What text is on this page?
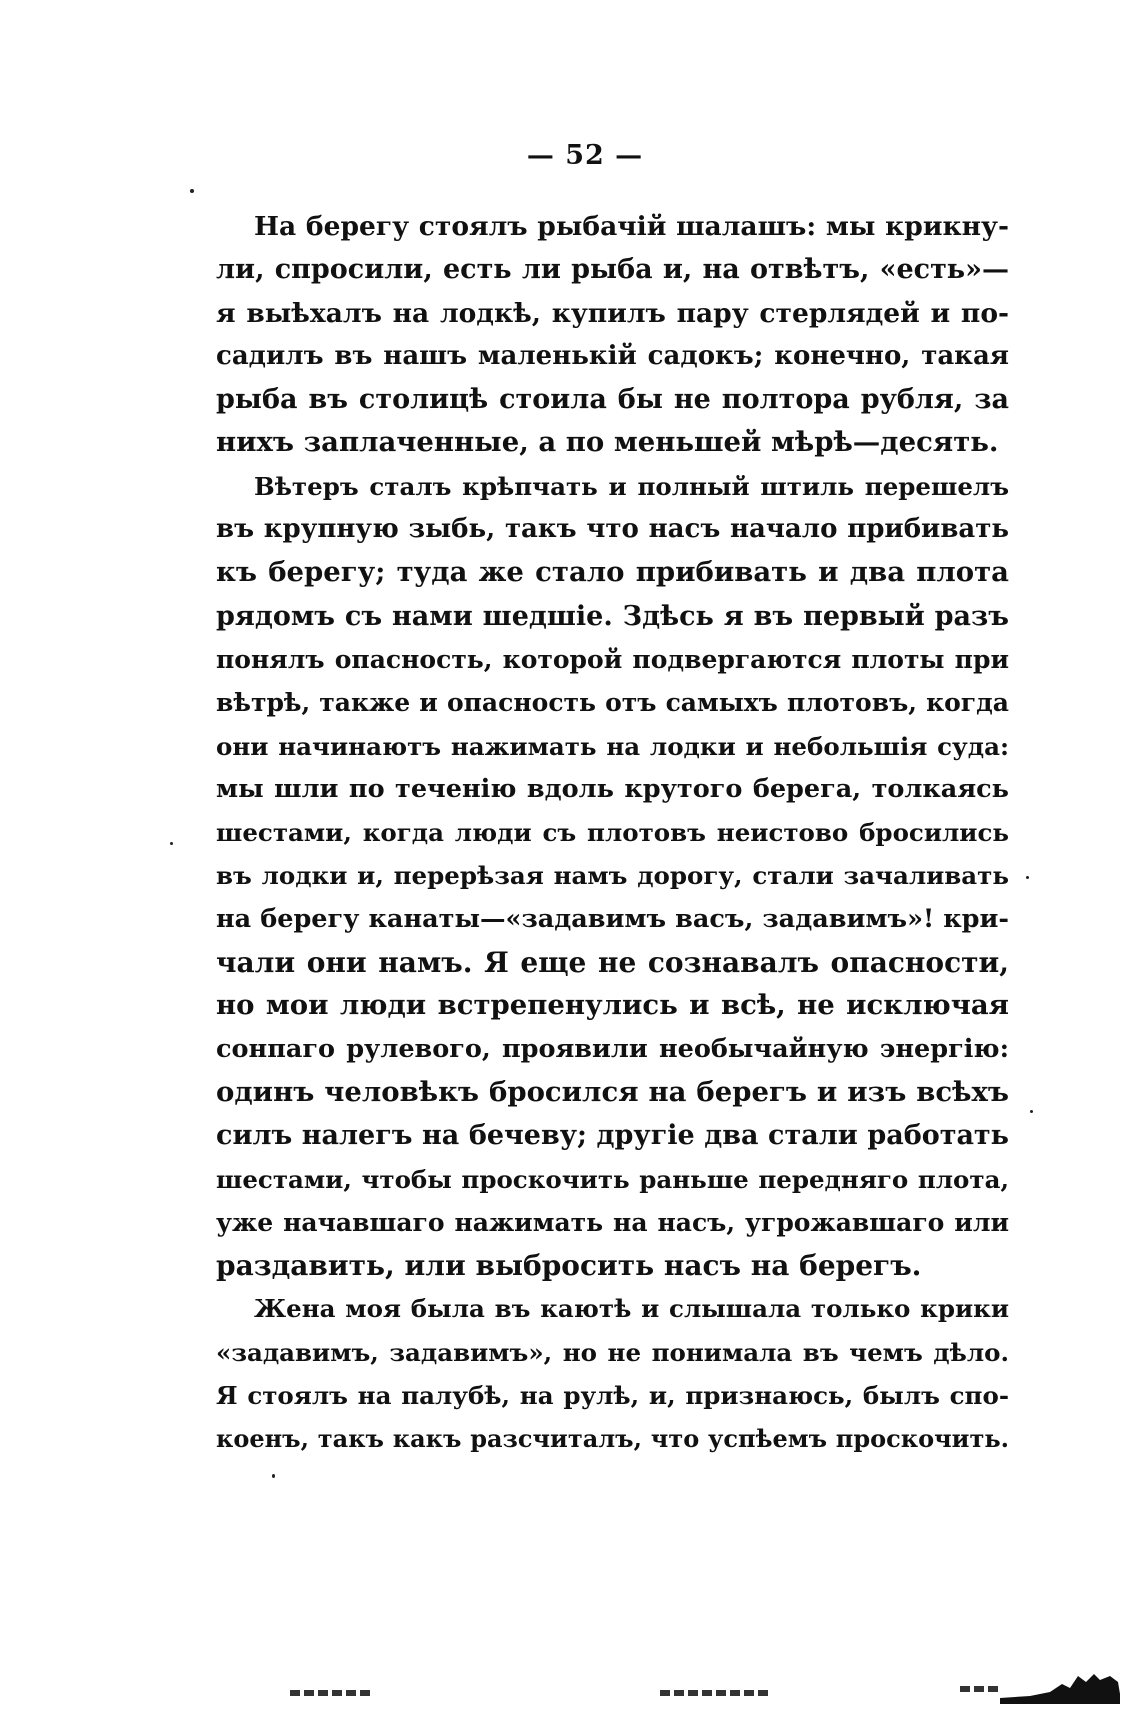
— 52 —
На берегу стоялъ рыбачій шалашъ: мы крикну-
ли, спросили, есть ли рыба и, на отвѣтъ, «есть»—
я выѣхалъ на лодкѣ, купилъ пару стерлядей и по-
садилъ въ нашъ маленькій садокъ; конечно, такая
рыба въ столицѣ стоила бы не полтора рубля, за
нихъ заплаченные, а по меньшей мѣрѣ—десять.
Вѣтеръ сталъ крѣпчать и полный штиль перешелъ
въ крупную зыбь, такъ что насъ начало прибивать
къ берегу; туда же стало прибивать и два плота
рядомъ съ нами шедшіе. Здѣсь я въ первый разъ
понялъ опасность, которой подвергаются плоты при
вѣтрѣ, также и опасность отъ самыхъ плотовъ, когда
они начинаютъ нажимать на лодки и небольшія суда:
мы шли по теченію вдоль крутого берега, толкаясь
шестами, когда люди съ плотовъ неистово бросились
въ лодки и, перерѣзая намъ дорогу, стали зачаливать
на берегу канаты—«задавимъ васъ, задавимъ»! кри-
чали они намъ. Я еще не сознавалъ опасности,
но мои люди встрепенулись и всѣ, не исключая
сонпаго рулевого, проявили необычайную энергію:
одинъ человѣкъ бросился на берегъ и изъ всѣхъ
силъ налегъ на бечеву; другіе два стали работать
шестами, чтобы проскочить раньше передняго плота,
уже начавшаго нажимать на насъ, угрожавшаго или
раздавить, или выбросить насъ на берегъ.
Жена моя была въ каютѣ и слышала только крики
«задавимъ, задавимъ», но не понимала въ чемъ дѣло.
Я стоялъ на палубѣ, на рулѣ, и, признаюсь, былъ спо-
коенъ, такъ какъ разсчиталъ, что успѣемъ проскочить.
